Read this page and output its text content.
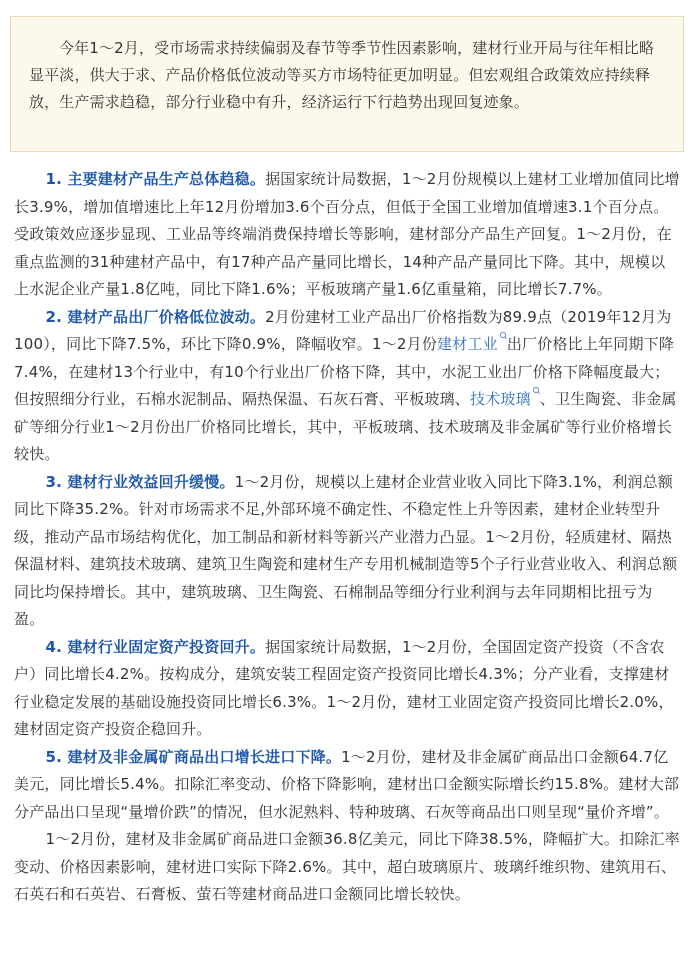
今年1～2月，受市场需求持续偏弱及春节等季节性因素影响，建材行业开局与往年相比略显平淡，供大于求、产品价格低位波动等买方市场特征更加明显。但宏观组合政策效应持续释放，生产需求趋稳，部分行业稳中有升，经济运行下行趋势出现回复迹象。

1. 主要建材产品生产总体趋稳。据国家统计局数据，1～2月份规模以上建材工业增加值同比增长3.9%，增加值增速比上年12月份增加3.6个百分点，但低于全国工业增加值增速3.1个百分点。受政策效应逐步显现、工业品等终端消费保持增长等影响，建材部分产品生产回复。1～2月份，在重点监测的31种建材产品中，有17种产品产量同比增长，14种产品产量同比下降。其中，规模以上水泥企业产量1.8亿吨，同比下降1.6%；平板玻璃产量1.6亿重量箱，同比增长7.7%。

2. 建材产品出厂价格低位波动。2月份建材工业产品出厂价格指数为89.9点（2019年12月为100），同比下降7.5%，环比下降0.9%，降幅收窄。1～2月份建材工业 出厂价格比上年同期下降7.4%，在建材13个行业中，有10个行业出厂价格下降，其中，水泥工业出厂价格下降幅度最大；但按照细分行业，石棉水泥制品、隔热保温、石灰石膏、平板玻璃、技术玻璃 、卫生陶瓷、非金属矿等细分行业1～2月份出厂价格同比增长，其中，平板玻璃、技术玻璃及非金属矿等行业价格增长较快。

3. 建材行业效益回升缓慢。1～2月份，规模以上建材企业营业收入同比下降3.1%，利润总额同比下降35.2%。针对市场需求不足,外部环境不确定性、不稳定性上升等因素，建材企业转型升级，推动产品市场结构优化，加工制品和新材料等新兴产业潜力凸显。1～2月份，轻质建材、隔热保温材料、建筑技术玻璃、建筑卫生陶瓷和建材生产专用机械制造等5个子行业营业收入、利润总额同比均保持增长。其中，建筑玻璃、卫生陶瓷、石棉制品等细分行业利润与去年同期相比扭亏为盈。

4. 建材行业固定资产投资回升。据国家统计局数据，1～2月份，全国固定资产投资（不含农户）同比增长4.2%。按构成分，建筑安装工程固定资产投资同比增长4.3%；分产业看，支撑建材行业稳定发展的基础设施投资同比增长6.3%。1～2月份，建材工业固定资产投资同比增长2.0%，建材固定资产投资企稳回升。

5. 建材及非金属矿商品出口增长进口下降。1～2月份，建材及非金属矿商品出口金额64.7亿美元，同比增长5.4%。扣除汇率变动、价格下降影响，建材出口金额实际增长约15.8%。建材大部分产品出口呈现“量增价跌”的情况，但水泥熟料、特种玻璃、石灰等商品出口则呈现“量价齐增”。

1～2月份，建材及非金属矿商品进口金额36.8亿美元，同比下降38.5%，降幅扩大。扣除汇率变动、价格因素影响，建材进口实际下降2.6%。其中，超白玻璃原片、玻璃纤维织物、建筑用石、石英石和石英岩、石膏板、萤石等建材商品进口金额同比增长较快。
